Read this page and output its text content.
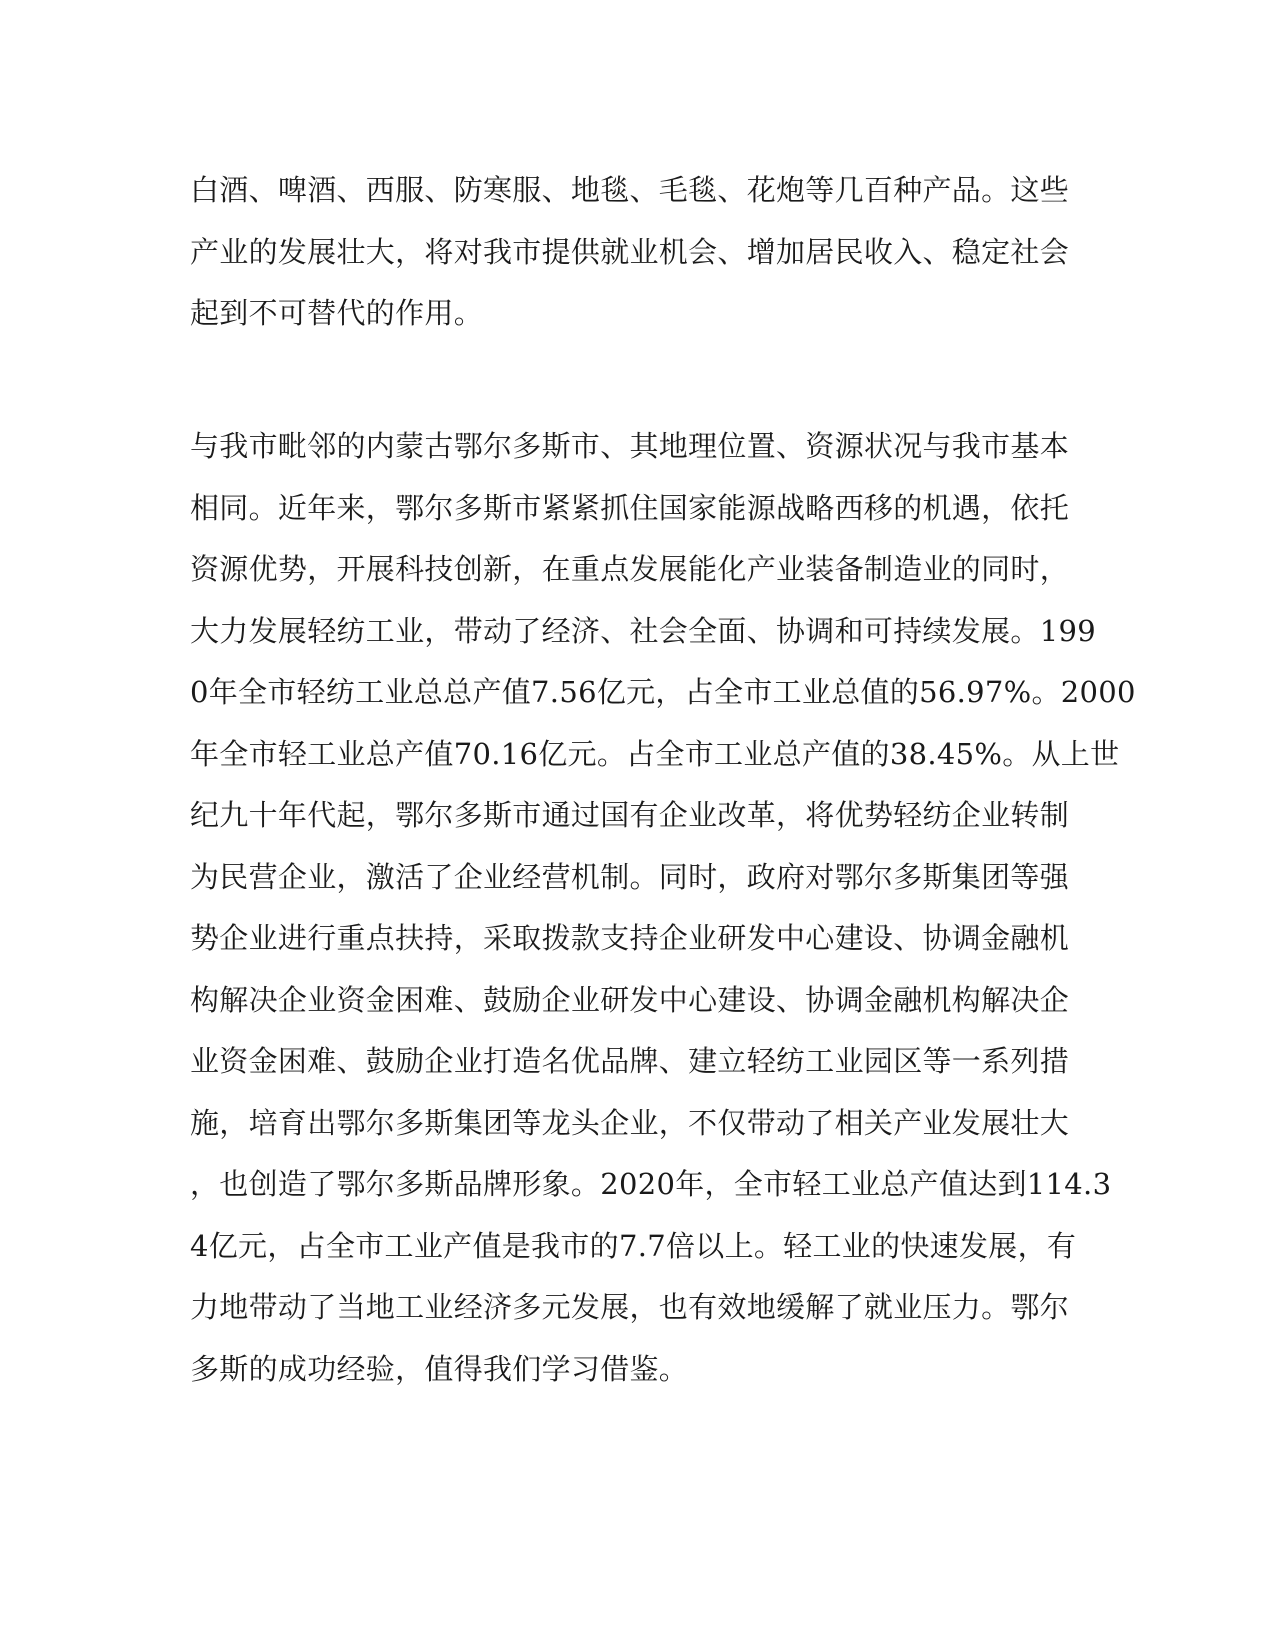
白酒、啤酒、西服、防寒服、地毯、毛毯、花炮等几百种产品。这些
产业的发展壮大，将对我市提供就业机会、增加居民收入、稳定社会
起到不可替代的作用。
与我市毗邻的内蒙古鄂尔多斯市、其地理位置、资源状况与我市基本
相同。近年来，鄂尔多斯市紧紧抓住国家能源战略西移的机遇，依托
资源优势，开展科技创新，在重点发展能化产业装备制造业的同时，
大力发展轻纺工业，带动了经济、社会全面、协调和可持续发展。199
0年全市轻纺工业总总产值7.56亿元，占全市工业总值的56.97%。2000
年全市轻工业总产值70.16亿元。占全市工业总产值的38.45%。从上世
纪九十年代起，鄂尔多斯市通过国有企业改革，将优势轻纺企业转制
为民营企业，激活了企业经营机制。同时，政府对鄂尔多斯集团等强
势企业进行重点扶持，采取拨款支持企业研发中心建设、协调金融机
构解决企业资金困难、鼓励企业研发中心建设、协调金融机构解决企
业资金困难、鼓励企业打造名优品牌、建立轻纺工业园区等一系列措
施，培育出鄂尔多斯集团等龙头企业，不仅带动了相关产业发展壮大
，也创造了鄂尔多斯品牌形象。2020年，全市轻工业总产值达到114.3
4亿元，占全市工业产值是我市的7.7倍以上。轻工业的快速发展，有
力地带动了当地工业经济多元发展，也有效地缓解了就业压力。鄂尔
多斯的成功经验，值得我们学习借鉴。
